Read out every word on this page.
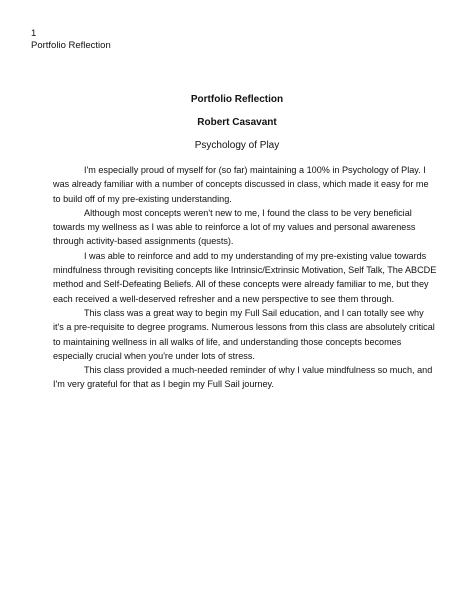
1
Portfolio Reflection
Portfolio Reflection
Robert Casavant
Psychology of Play

I'm especially proud of myself for (so far) maintaining a 100% in Psychology of Play. I was already familiar with a number of concepts discussed in class, which made it easy for me to build off of my pre-existing understanding.

Although most concepts weren't new to me, I found the class to be very beneficial towards my wellness as I was able to reinforce a lot of my values and personal awareness through activity-based assignments (quests).

I was able to reinforce and add to my understanding of my pre-existing value towards mindfulness through revisiting concepts like Intrinsic/Extrinsic Motivation, Self Talk, The ABCDE method and Self-Defeating Beliefs. All of these concepts were already familiar to me, but they each received a well-deserved refresher and a new perspective to see them through.

This class was a great way to begin my Full Sail education, and I can totally see why it's a pre-requisite to degree programs. Numerous lessons from this class are absolutely critical to maintaining wellness in all walks of life, and understanding those concepts becomes especially crucial when you're under lots of stress.

This class provided a much-needed reminder of why I value mindfulness so much, and I'm very grateful for that as I begin my Full Sail journey.
